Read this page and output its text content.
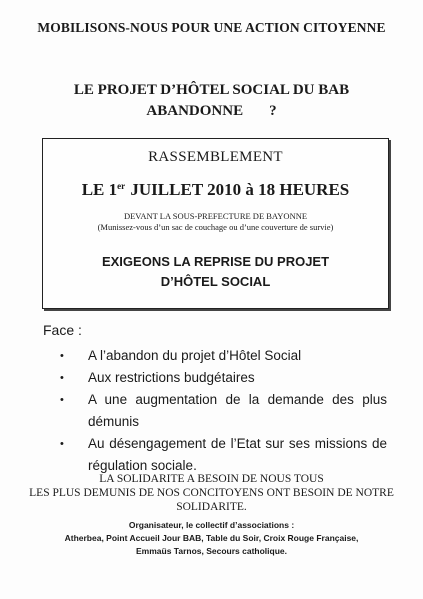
MOBILISONS-NOUS POUR UNE ACTION CITOYENNE
LE PROJET D’HÔTEL SOCIAL DU BAB
ABANDONNE ?
RASSEMBLEMENT
LE 1er JUILLET 2010 à 18 HEURES
DEVANT LA SOUS-PREFECTURE DE BAYONNE
(Munissez-vous d’un sac de couchage ou d’une couverture de survie)
EXIGEONS LA REPRISE DU PROJET
D’HÔTEL SOCIAL
Face :
• A l’abandon du projet d’Hôtel Social
• Aux restrictions budgétaires
• A une augmentation de la demande des plus démunis
• Au désengagement de l’Etat sur ses missions de
régulation sociale.
LA SOLIDARITE A BESOIN DE NOUS TOUS
LES PLUS DEMUNIS DE NOS CONCITOYENS ONT BESOIN DE NOTRE
SOLIDARITE.
Organisateur, le collectif d’associations :
Atherbea, Point Accueil Jour BAB, Table du Soir, Croix Rouge Française,
Emmaüs Tarnos, Secours catholique.
